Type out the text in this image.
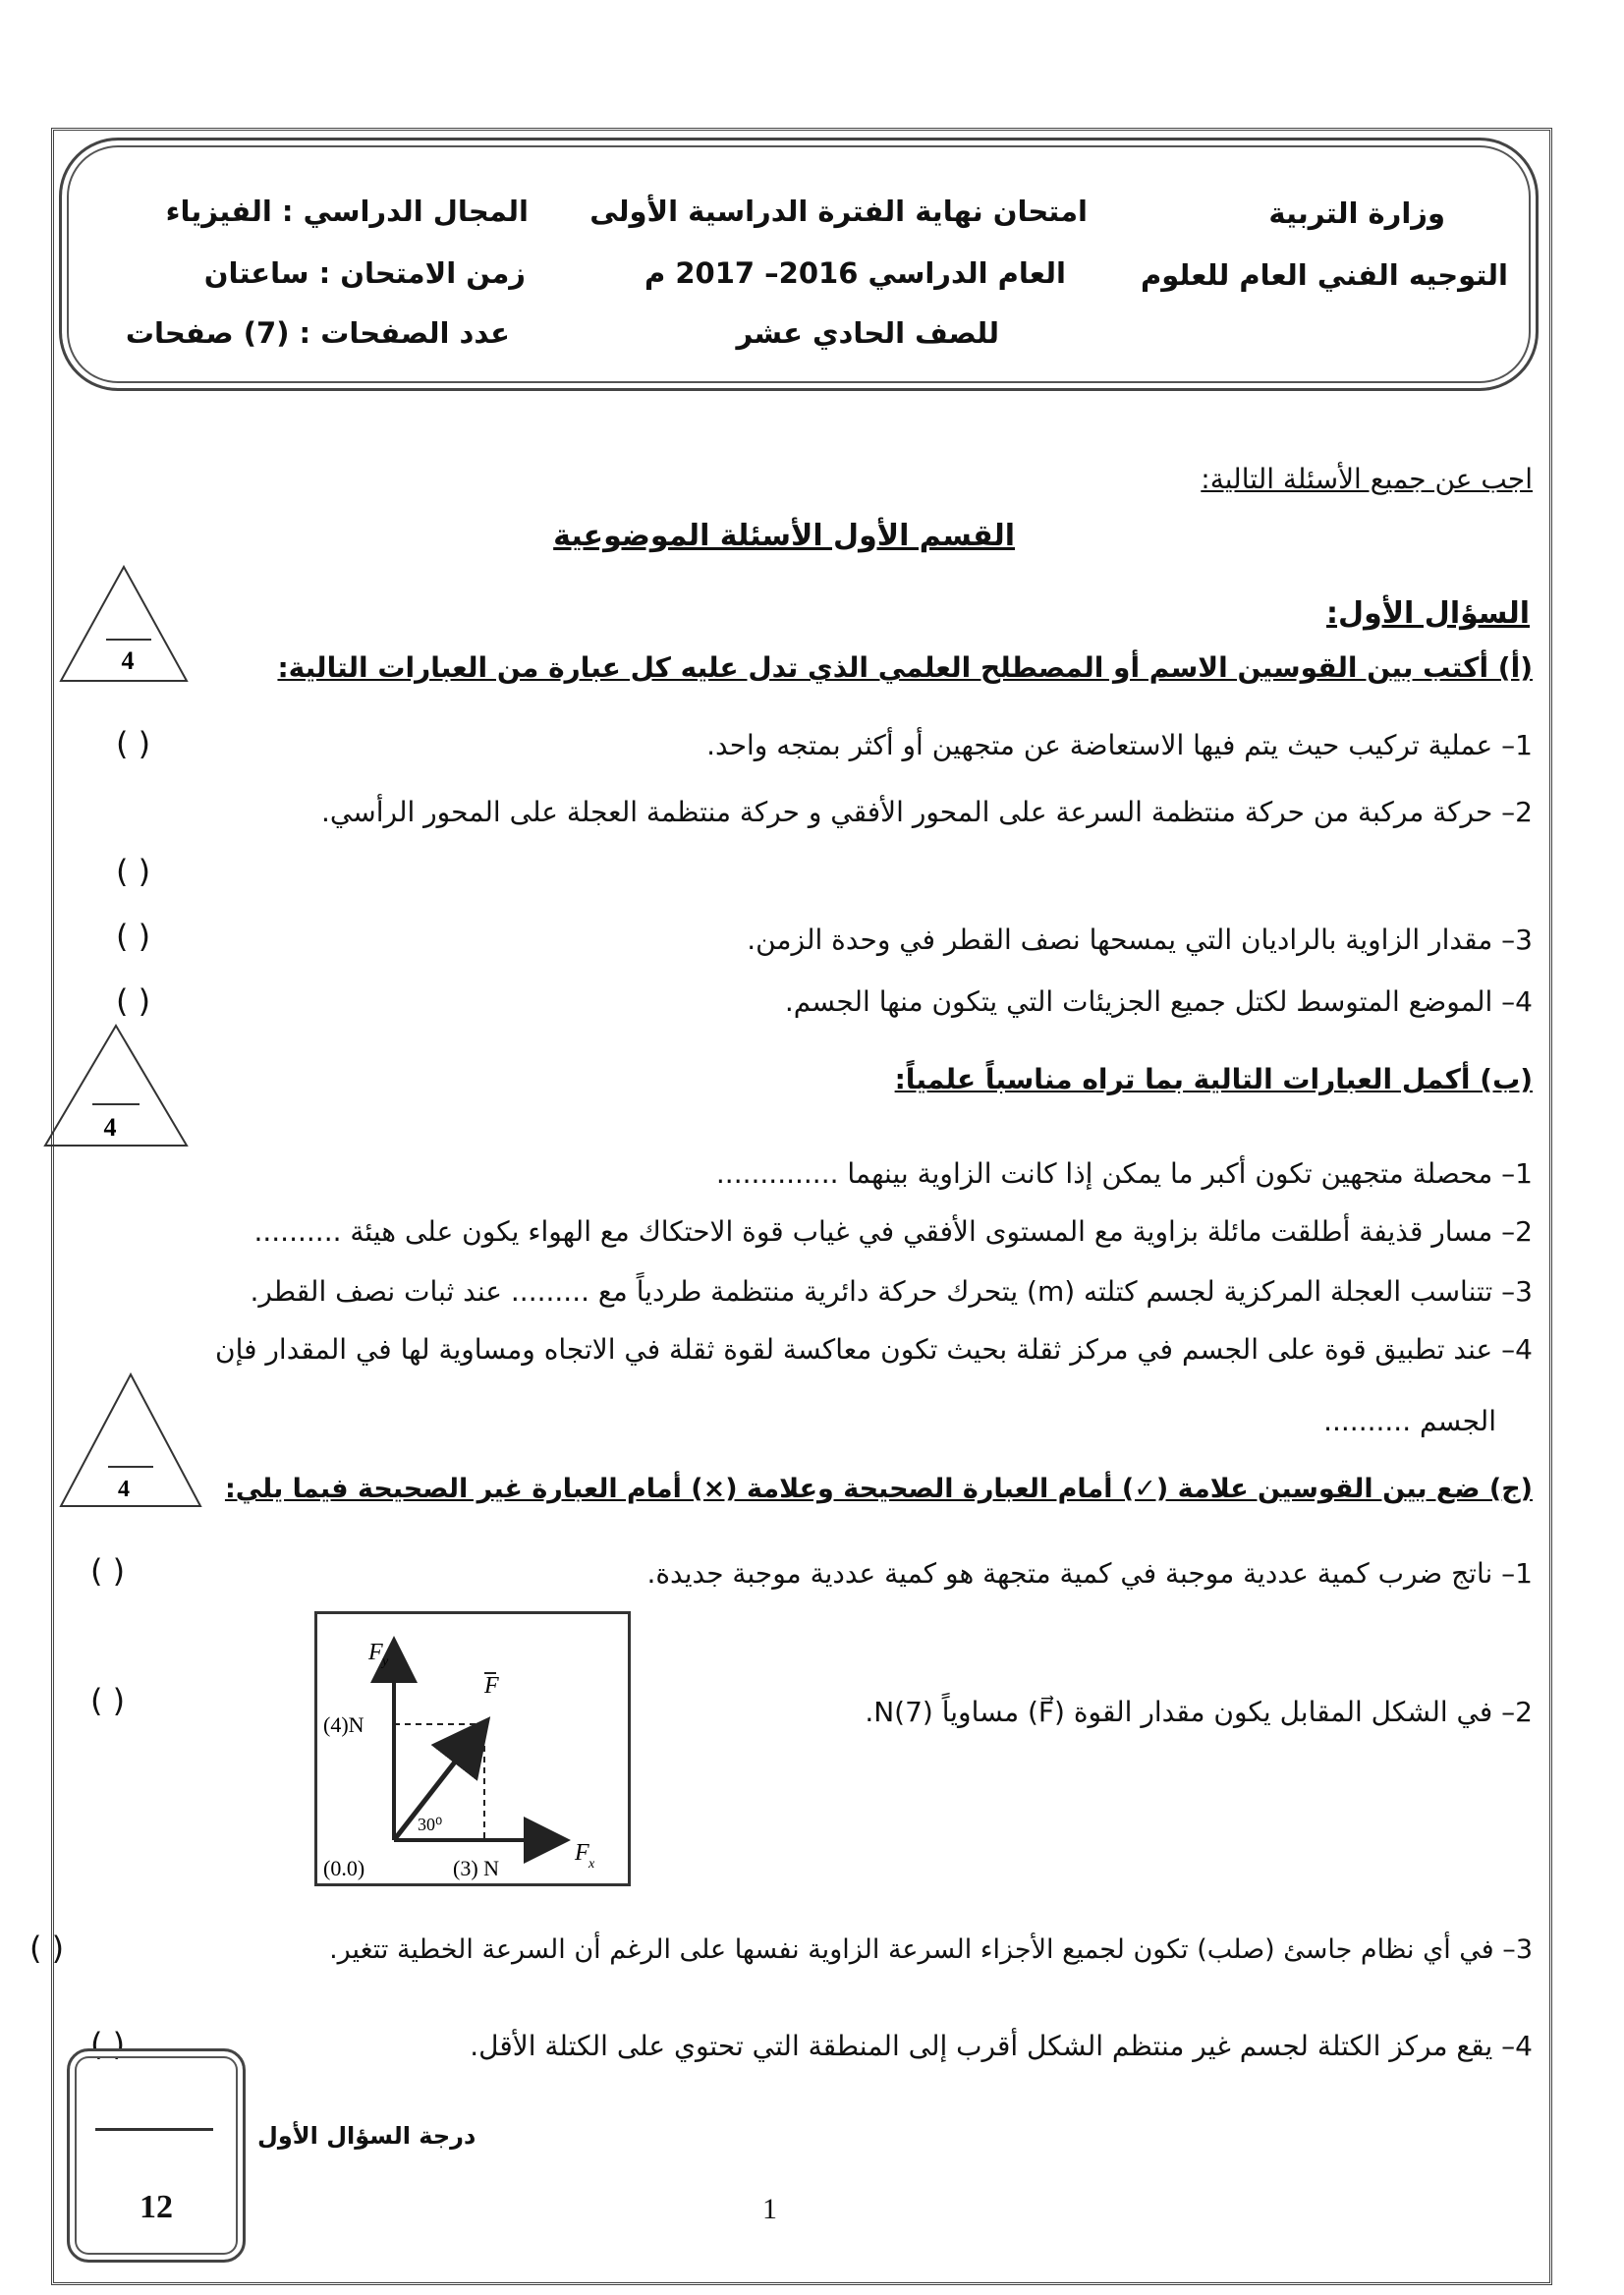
وزارة التربية
التوجيه الفني العام للعلوم
امتحان نهاية الفترة الدراسية الأولى
العام الدراسي 2016– 2017 م
للصف الحادي عشر
المجال الدراسي : الفيزياء
زمن الامتحان : ساعتان
عدد الصفحات : (7) صفحات
اجب عن جميع الأسئلة التالية:
القسم الأول الأسئلة الموضوعية
السؤال الأول:
4	(أ) أكتب بين القوسين الاسم أو المصطلح العلمي الذي تدل عليه كل عبارة من العبارات التالية:
1– عملية تركيب حيث يتم فيها الاستعاضة عن متجهين أو أكثر بمتجه واحد.
2– حركة مركبة من حركة منتظمة السرعة على المحور الأفقي و حركة منتظمة العجلة على المحور الرأسي.
3– مقدار الزاوية بالراديان التي يمسحها نصف القطر في وحدة الزمن.
4– الموضع المتوسط لكتل جميع الجزيئات التي يتكون منها الجسم.
( )
( )
( )
( )
4
(ب) أكمل العبارات التالية بما تراه مناسباً علمياً:
1– محصلة متجهين تكون أكبر ما يمكن إذا كانت الزاوية بينهما ..............
2– مسار قذيفة أطلقت مائلة بزاوية مع المستوى الأفقي في غياب قوة الاحتكاك مع الهواء يكون على هيئة ..........
3– تتناسب العجلة المركزية لجسم كتلته (m) يتحرك حركة دائرية منتظمة طردياً مع ......... عند ثبات نصف القطر.
4– عند تطبيق قوة على الجسم في مركز ثقلة بحيث تكون معاكسة لقوة ثقلة في الاتجاه ومساوية لها في المقدار فإن
الجسم ..........
4	(ج) ضع بين القوسين علامة (✓) أمام العبارة الصحيحة وعلامة (×) أمام العبارة غير الصحيحة فيما يلي:
1– ناتج ضرب كمية عددية موجبة في كمية متجهة هو كمية عددية موجبة جديدة.
2– في الشكل المقابل يكون مقدار القوة (F⃗) مساوياً N(7).
3– في أي نظام جاسئ (صلب) تكون لجميع الأجزاء السرعة الزاوية نفسها على الرغم أن السرعة الخطية تتغير.
4– يقع مركز الكتلة لجسم غير منتظم الشكل أقرب إلى المنطقة التي تحتوي على الكتلة الأقل.
( )
( )
( )
( )
F y
F x
F
(4)N
(3) N
(0.0)
30⁰
12
درجة السؤال الأول
1
